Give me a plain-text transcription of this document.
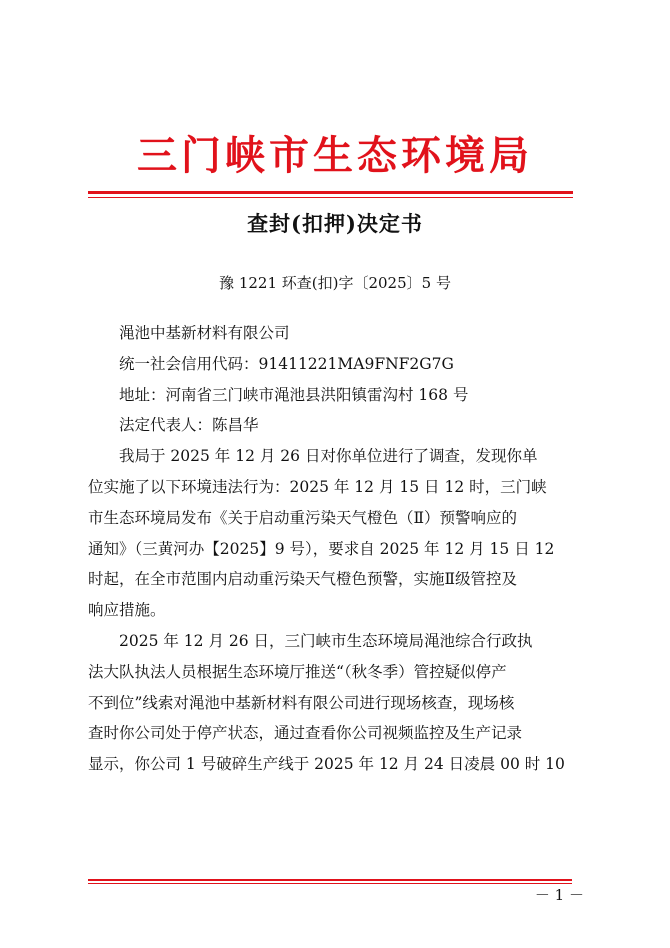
三门峡市生态环境局
查封(扣押)决定书
豫 1221 环查(扣)字〔2025〕5 号
渑池中基新材料有限公司
统一社会信用代码：91411221MA9FNF2G7G
地址：河南省三门峡市渑池县洪阳镇雷沟村 168 号
法定代表人：陈昌华
我局于 2025 年 12 月 26 日对你单位进行了调查，发现你单
位实施了以下环境违法行为：2025 年 12 月 15 日 12 时，三门峡
市生态环境局发布《关于启动重污染天气橙色（Ⅱ）预警响应的
通知》（三黄河办【2025】9 号），要求自 2025 年 12 月 15 日 12
时起，在全市范围内启动重污染天气橙色预警，实施Ⅱ级管控及
响应措施。
2025 年 12 月 26 日，三门峡市生态环境局渑池综合行政执
法大队执法人员根据生态环境厅推送“（秋冬季）管控疑似停产
不到位”线索对渑池中基新材料有限公司进行现场核查，现场核
查时你公司处于停产状态，通过查看你公司视频监控及生产记录
显示，你公司 1 号破碎生产线于 2025 年 12 月 24 日凌晨 00 时 10
－ 1 －
